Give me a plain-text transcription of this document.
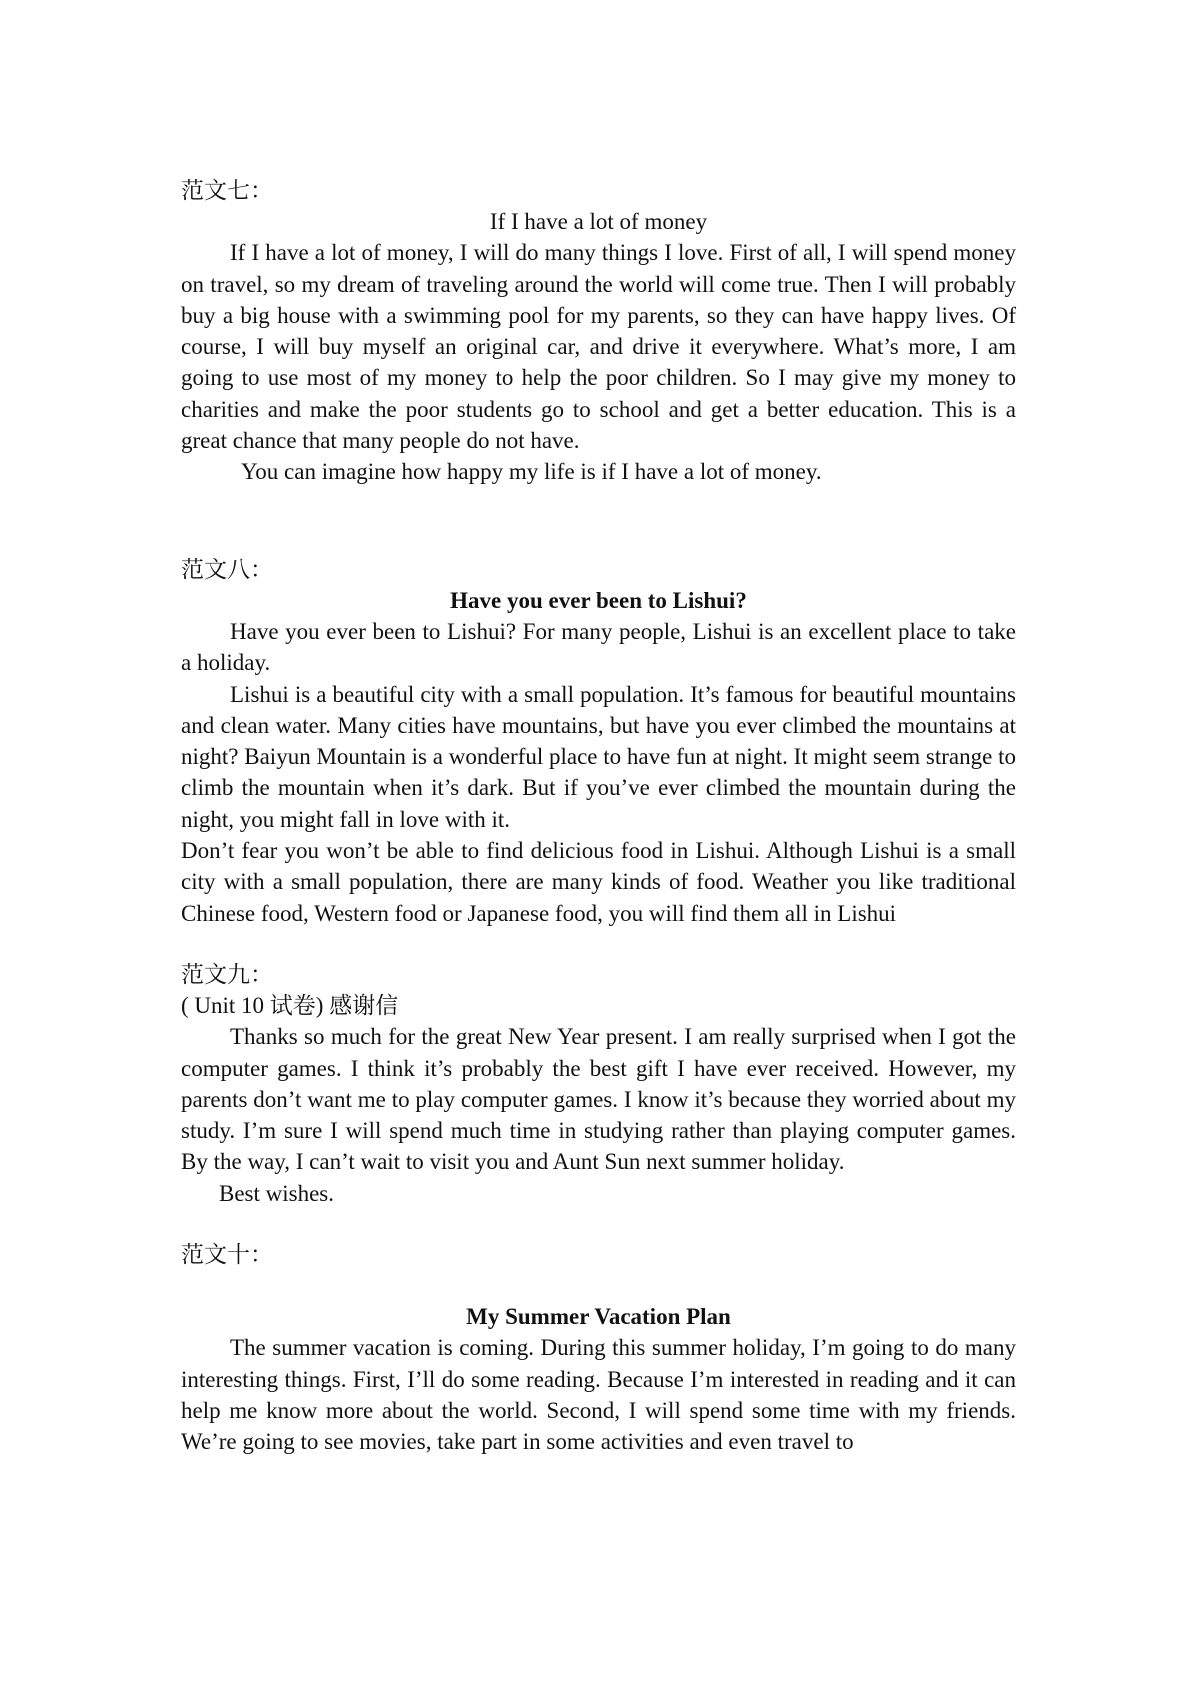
范文七：
If I have a lot of money

If I have a lot of money, I will do many things I love. First of all, I will spend money on travel, so my dream of traveling around the world will come true. Then I will probably buy a big house with a swimming pool for my parents, so they can have happy lives. Of course, I will buy myself an original car, and drive it everywhere. What’s more, I am going to use most of my money to help the poor children. So I may give my money to charities and make the poor students go to school and get a better education. This is a great chance that many people do not have.

You can imagine how happy my life is if I have a lot of money.

范文八：
Have you ever been to Lishui?

Have you ever been to Lishui? For many people, Lishui is an excellent place to take a holiday.

Lishui is a beautiful city with a small population. It’s famous for beautiful mountains and clean water. Many cities have mountains, but have you ever climbed the mountains at night? Baiyun Mountain is a wonderful place to have fun at night. It might seem strange to climb the mountain when it’s dark. But if you’ve ever climbed the mountain during the night, you might fall in love with it.

Don’t fear you won’t be able to find delicious food in Lishui. Although Lishui is a small city with a small population, there are many kinds of food. Weather you like traditional Chinese food, Western food or Japanese food, you will find them all in Lishui

范文九：
( Unit 10 试卷) 感谢信

Thanks so much for the great New Year present. I am really surprised when I got the computer games. I think it’s probably the best gift I have ever received. However, my parents don’t want me to play computer games. I know it’s because they worried about my study. I’m sure I will spend much time in studying rather than playing computer games. By the way, I can’t wait to visit you and Aunt Sun next summer holiday.

Best wishes.

范文十：
My Summer Vacation Plan

The summer vacation is coming. During this summer holiday, I’m going to do many interesting things. First, I’ll do some reading. Because I’m interested in reading and it can help me know more about the world. Second, I will spend some time with my friends. We’re going to see movies, take part in some activities and even travel to
